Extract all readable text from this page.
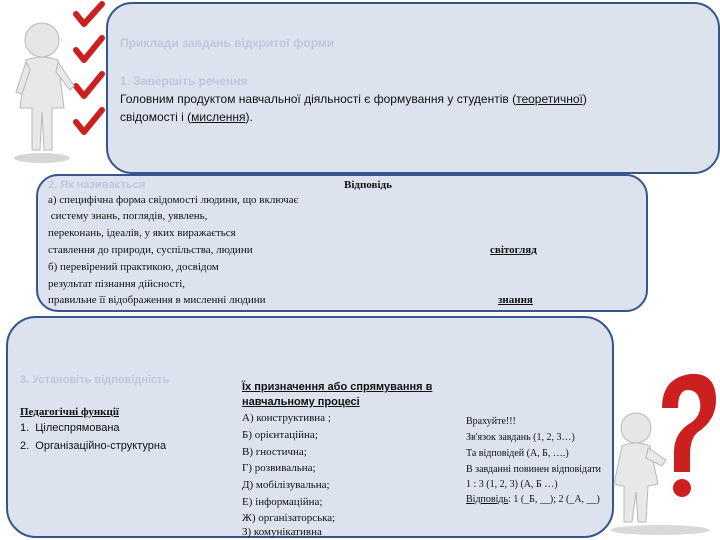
Приклади завдань відкритої форми
1. Завершіть речення
Головним продуктом навчальної діяльності є формування у студентів (теоретичної)
свідомості і (мислення).
2. Як називається	Відповідь
а) специфічна форма свідомості людини, що включає
систему знань, поглядів, уявлень,
переконань, ідеалів, у яких виражається
ставлення до природи, суспільства, людини	світогляд
б) перевірений практикою, досвідом
результат пізнання дійсності,
правильне її відображення в мисленні людини	знання
3. Установіть відповідність
Педагогічні функції
1.  Цілеспрямована
2.  Організаційно-структурна
Їх призначення або спрямування в навчальному процесі
А) конструктивна ;
Б) орієнтаційна;
В) гностична;
Г) розвивальна;
Д) мобілізувальна;
Е) інформаційна;
Ж) організаторська;
З) комунікативна
Врахуйте!!!
Зв'язок завдань (1, 2, 3…)
Та відповідей (А, Б, ….)
В завданні повинен відповідати
1 : 3 (1, 2, 3) (А, Б …)
Відповідь: 1 (_Б, __); 2 (_А, __)
